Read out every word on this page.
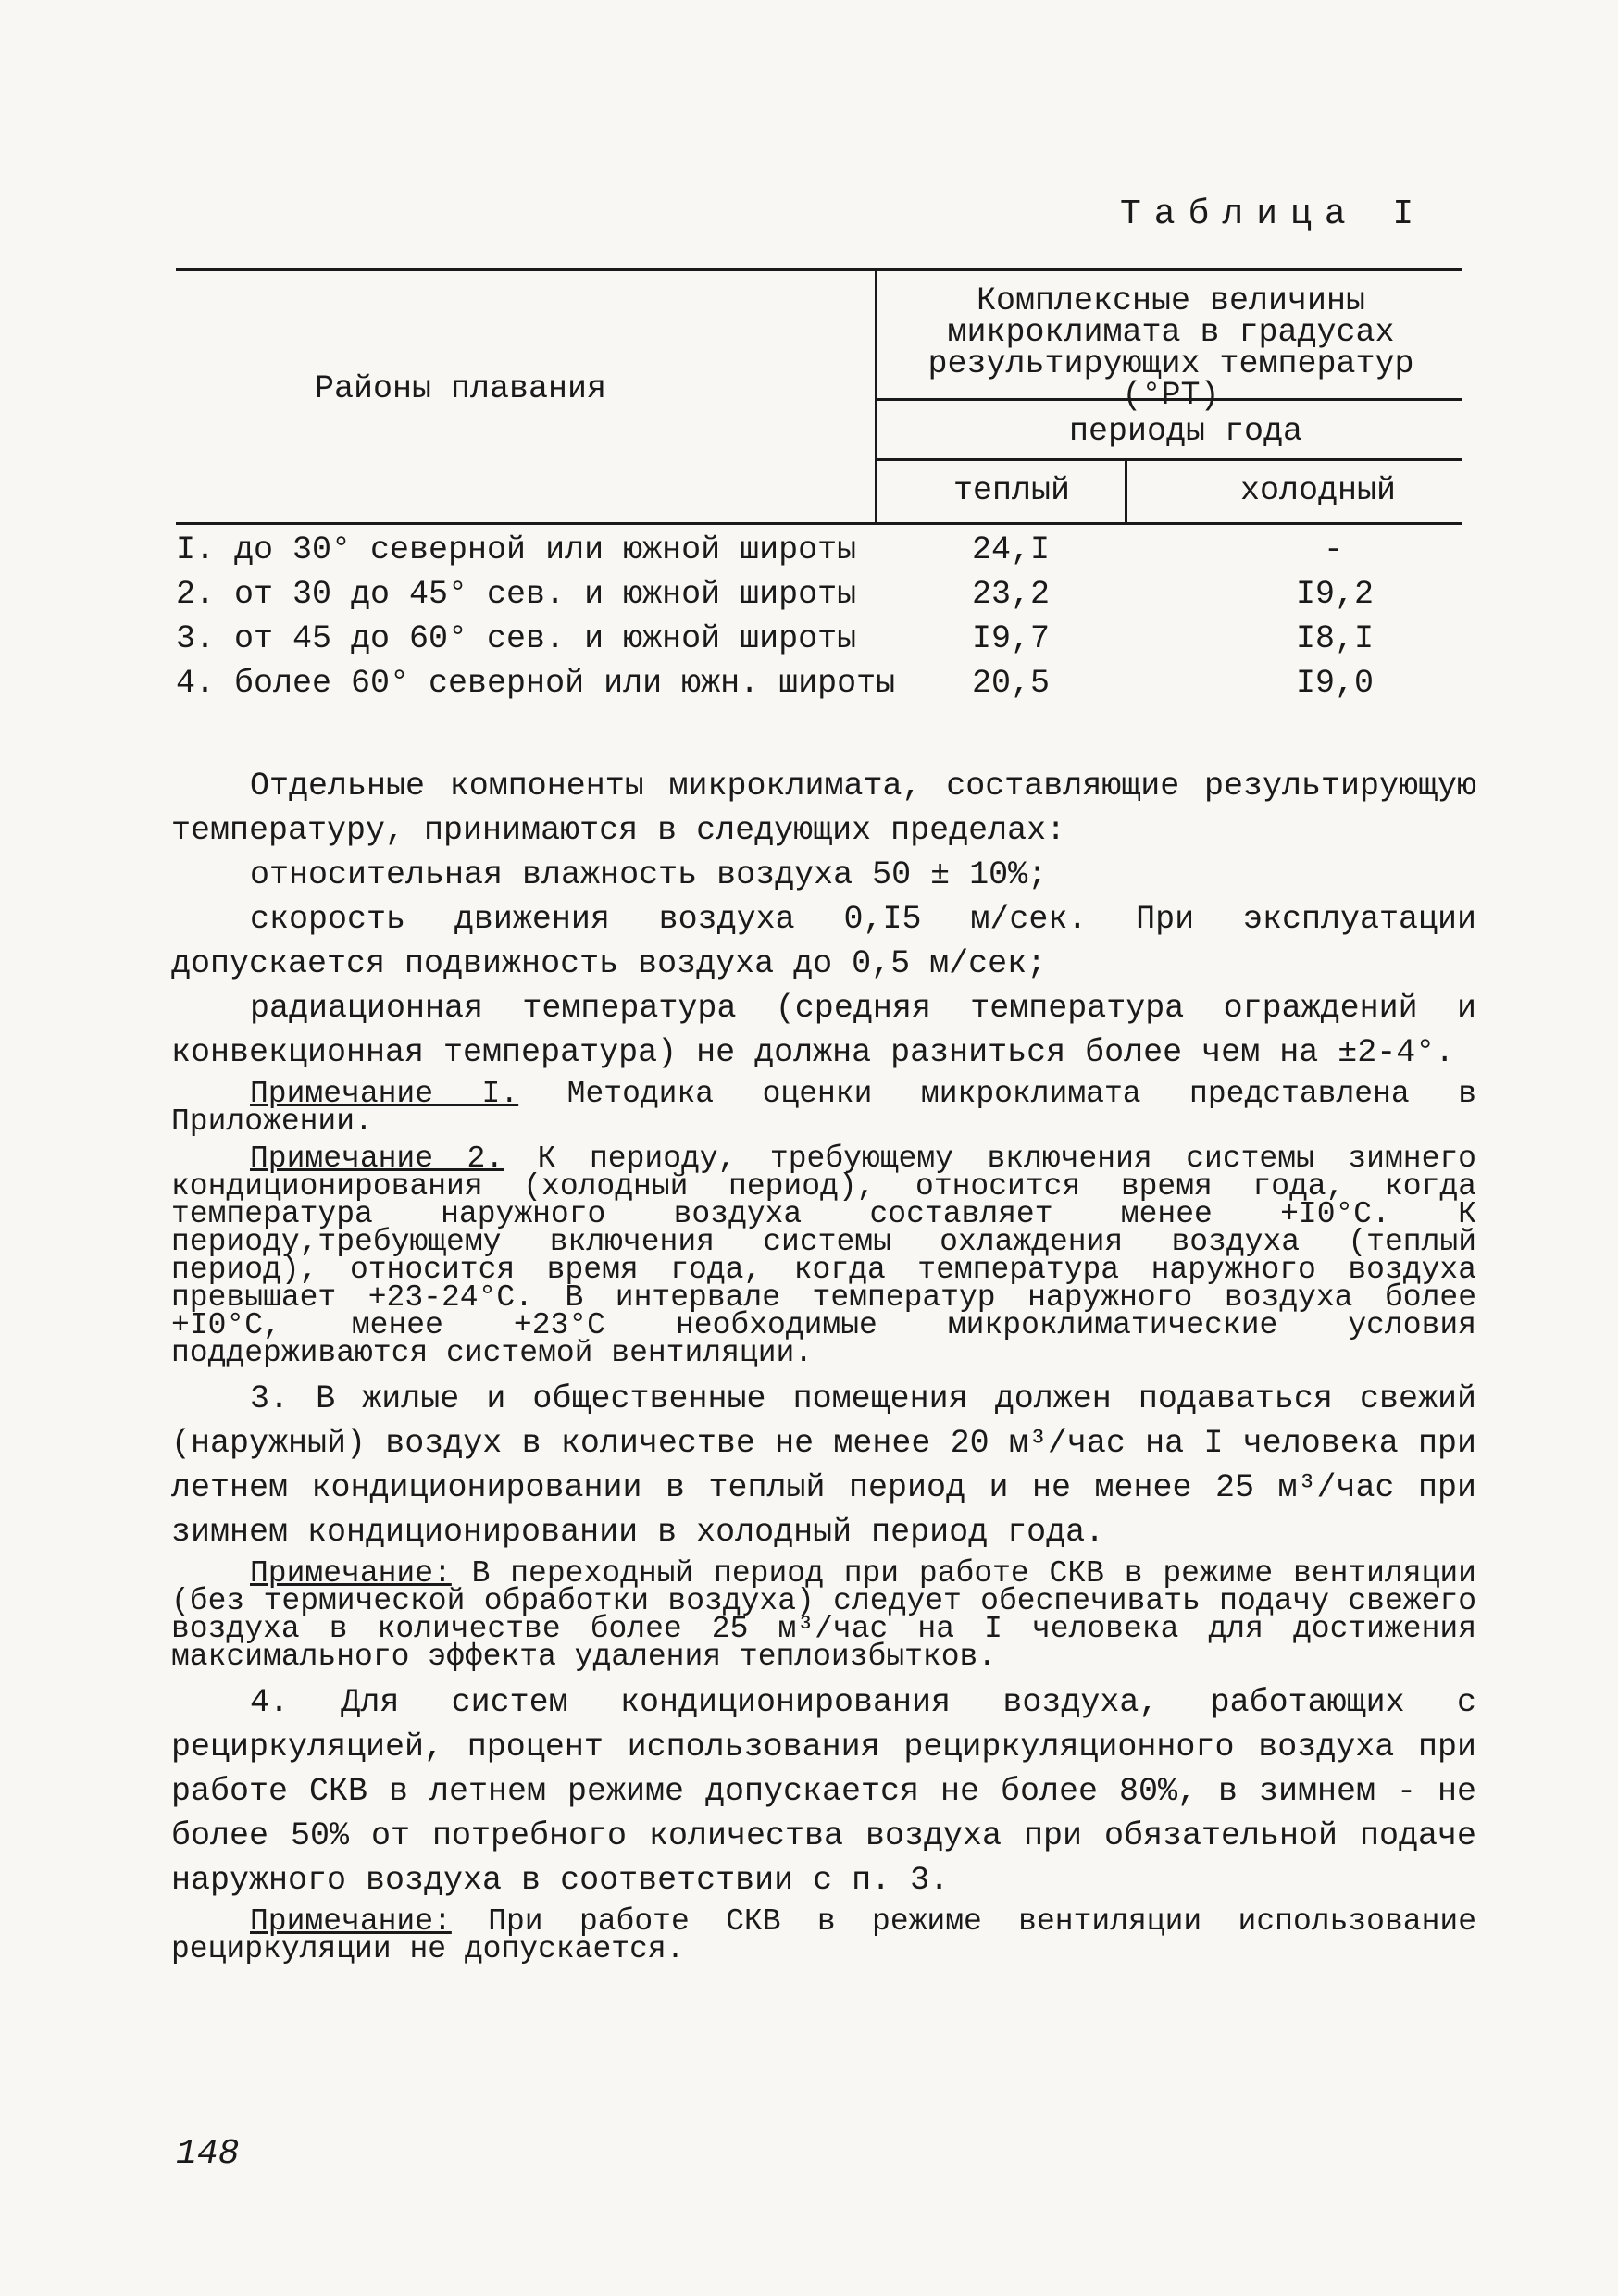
Таблица I
Районы плавания
Комплексные величины микроклимата в градусах результирующих температур (°РТ)
периоды года
теплый	холодный
I. до 30° северной или южной широты	24,I	-
2. от 30 до 45° сев. и южной широты	23,2	I9,2
3. от 45 до 60° сев. и южной широты	I9,7	I8,I
4. более 60° северной или южн. широты 20,5	I9,0

Отдельные компоненты микроклимата, составляющие результирующую температуру, принимаются в следующих пределах:

относительная влажность воздуха 50 ± 10%;

скорость движения воздуха 0,I5 м/сек. При эксплуатации допускается подвижность воздуха до 0,5 м/сек;

радиационная температура (средняя температура ограждений и конвекционная температура) не должна разниться более чем на ±2-4°.

Примечание I. Методика оценки микроклимата представлена в Приложении.

Примечание 2. К периоду, требующему включения системы зимнего кондиционирования (холодный период), относится время года, когда температура наружного воздуха составляет менее +I0°С. К периоду,требующему включения системы охлаждения воздуха (теплый период), относится время года, когда температура наружного воздуха превышает +23-24°С. В интервале температур наружного воздуха более +I0°С, менее +23°С необходимые микроклиматические условия поддерживаются системой вентиляции.

3. В жилые и общественные помещения должен подаваться свежий (наружный) воздух в количестве не менее 20 м³/час на I человека при летнем кондиционировании в теплый период и не менее 25 м³/час при зимнем кондиционировании в холодный период года.

Примечание: В переходный период при работе СКВ в режиме вентиляции (без термической обработки воздуха) следует обеспечивать подачу свежего воздуха в количестве более 25 м³/час на I человека для достижения максимального эффекта удаления теплоизбытков.

4. Для систем кондиционирования воздуха, работающих с рециркуляцией, процент использования рециркуляционного воздуха при работе СКВ в летнем режиме допускается не более 80%, в зимнем - не более 50% от потребного количества воздуха при обязательной подаче наружного воздуха в соответствии с п. 3.

Примечание: При работе СКВ в режиме вентиляции использование рециркуляции не допускается.

148
